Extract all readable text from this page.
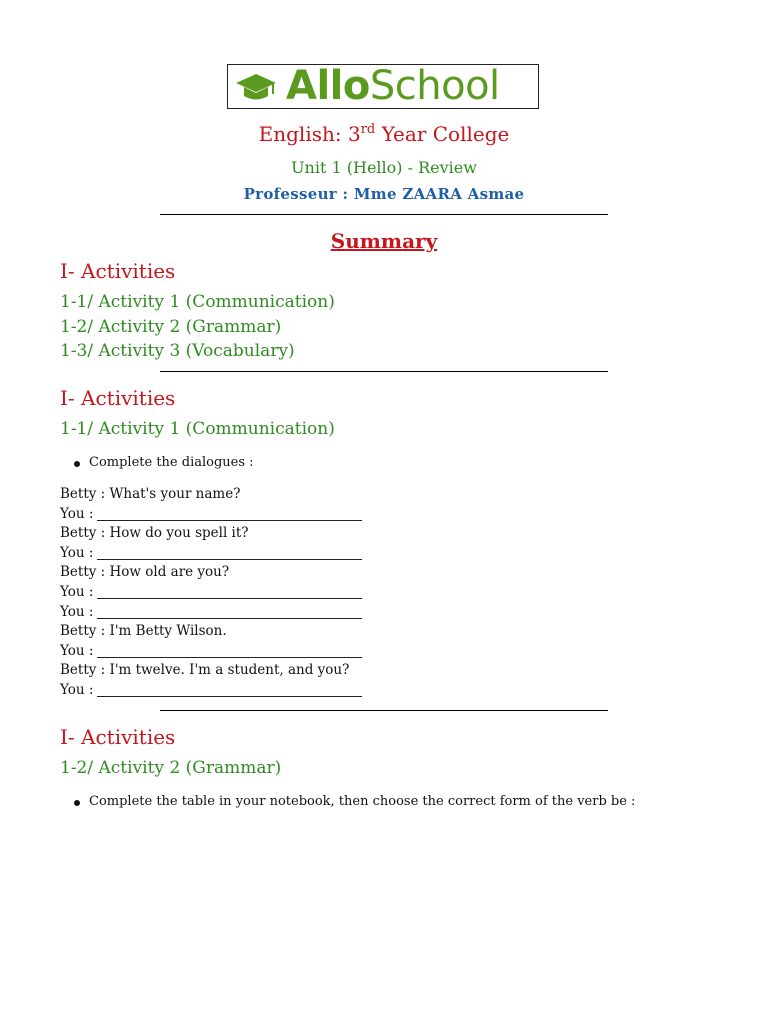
AlloSchool
English: 3rd Year College
Unit 1 (Hello) - Review
Professeur : Mme ZAARA Asmae
Summary
I- Activities
1-1/ Activity 1 (Communication)
1-2/ Activity 2 (Grammar)
1-3/ Activity 3 (Vocabulary)
I- Activities
1-1/ Activity 1 (Communication)
Complete the dialogues :
Betty : What's your name?
You :
Betty : How do you spell it?
You :
Betty : How old are you?
You :
You :
Betty : I'm Betty Wilson.
You :
Betty : I'm twelve. I'm a student, and you?
You :
I- Activities
1-2/ Activity 2 (Grammar)
Complete the table in your notebook, then choose the correct form of the verb be :
